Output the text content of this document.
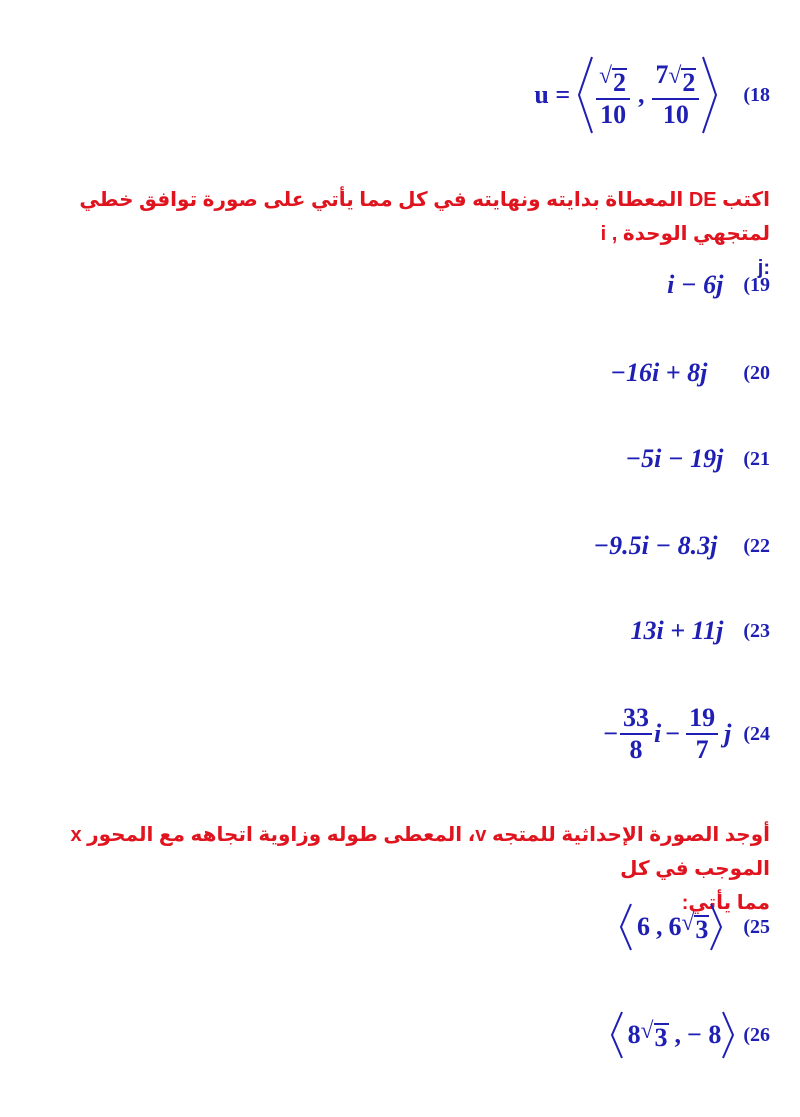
$u = \frac{√ 2}{10}$ , $\frac{7 √ 2}{10} (18$
اكتب DE المعطاة بدايته ونهايته في كل مما يأتي على صورة توافق خطي لمتجهي الوحدة , i
:j
i − 6j (19
−16i + 8j (20
−5i − 19j (21
−9.5i − 8.3j (22
13i + 11j (23
− $\frac{33}{8}$ $i - \frac{19}{7}$ j (24
أوجد الصورة الإحداثية للمتجه v، المعطى طوله وزاوية اتجاهه مع المحور x الموجب في كل
مما يأتي:
6 , 6 √ 3 (25
8 √ 3 , − 8 (26
